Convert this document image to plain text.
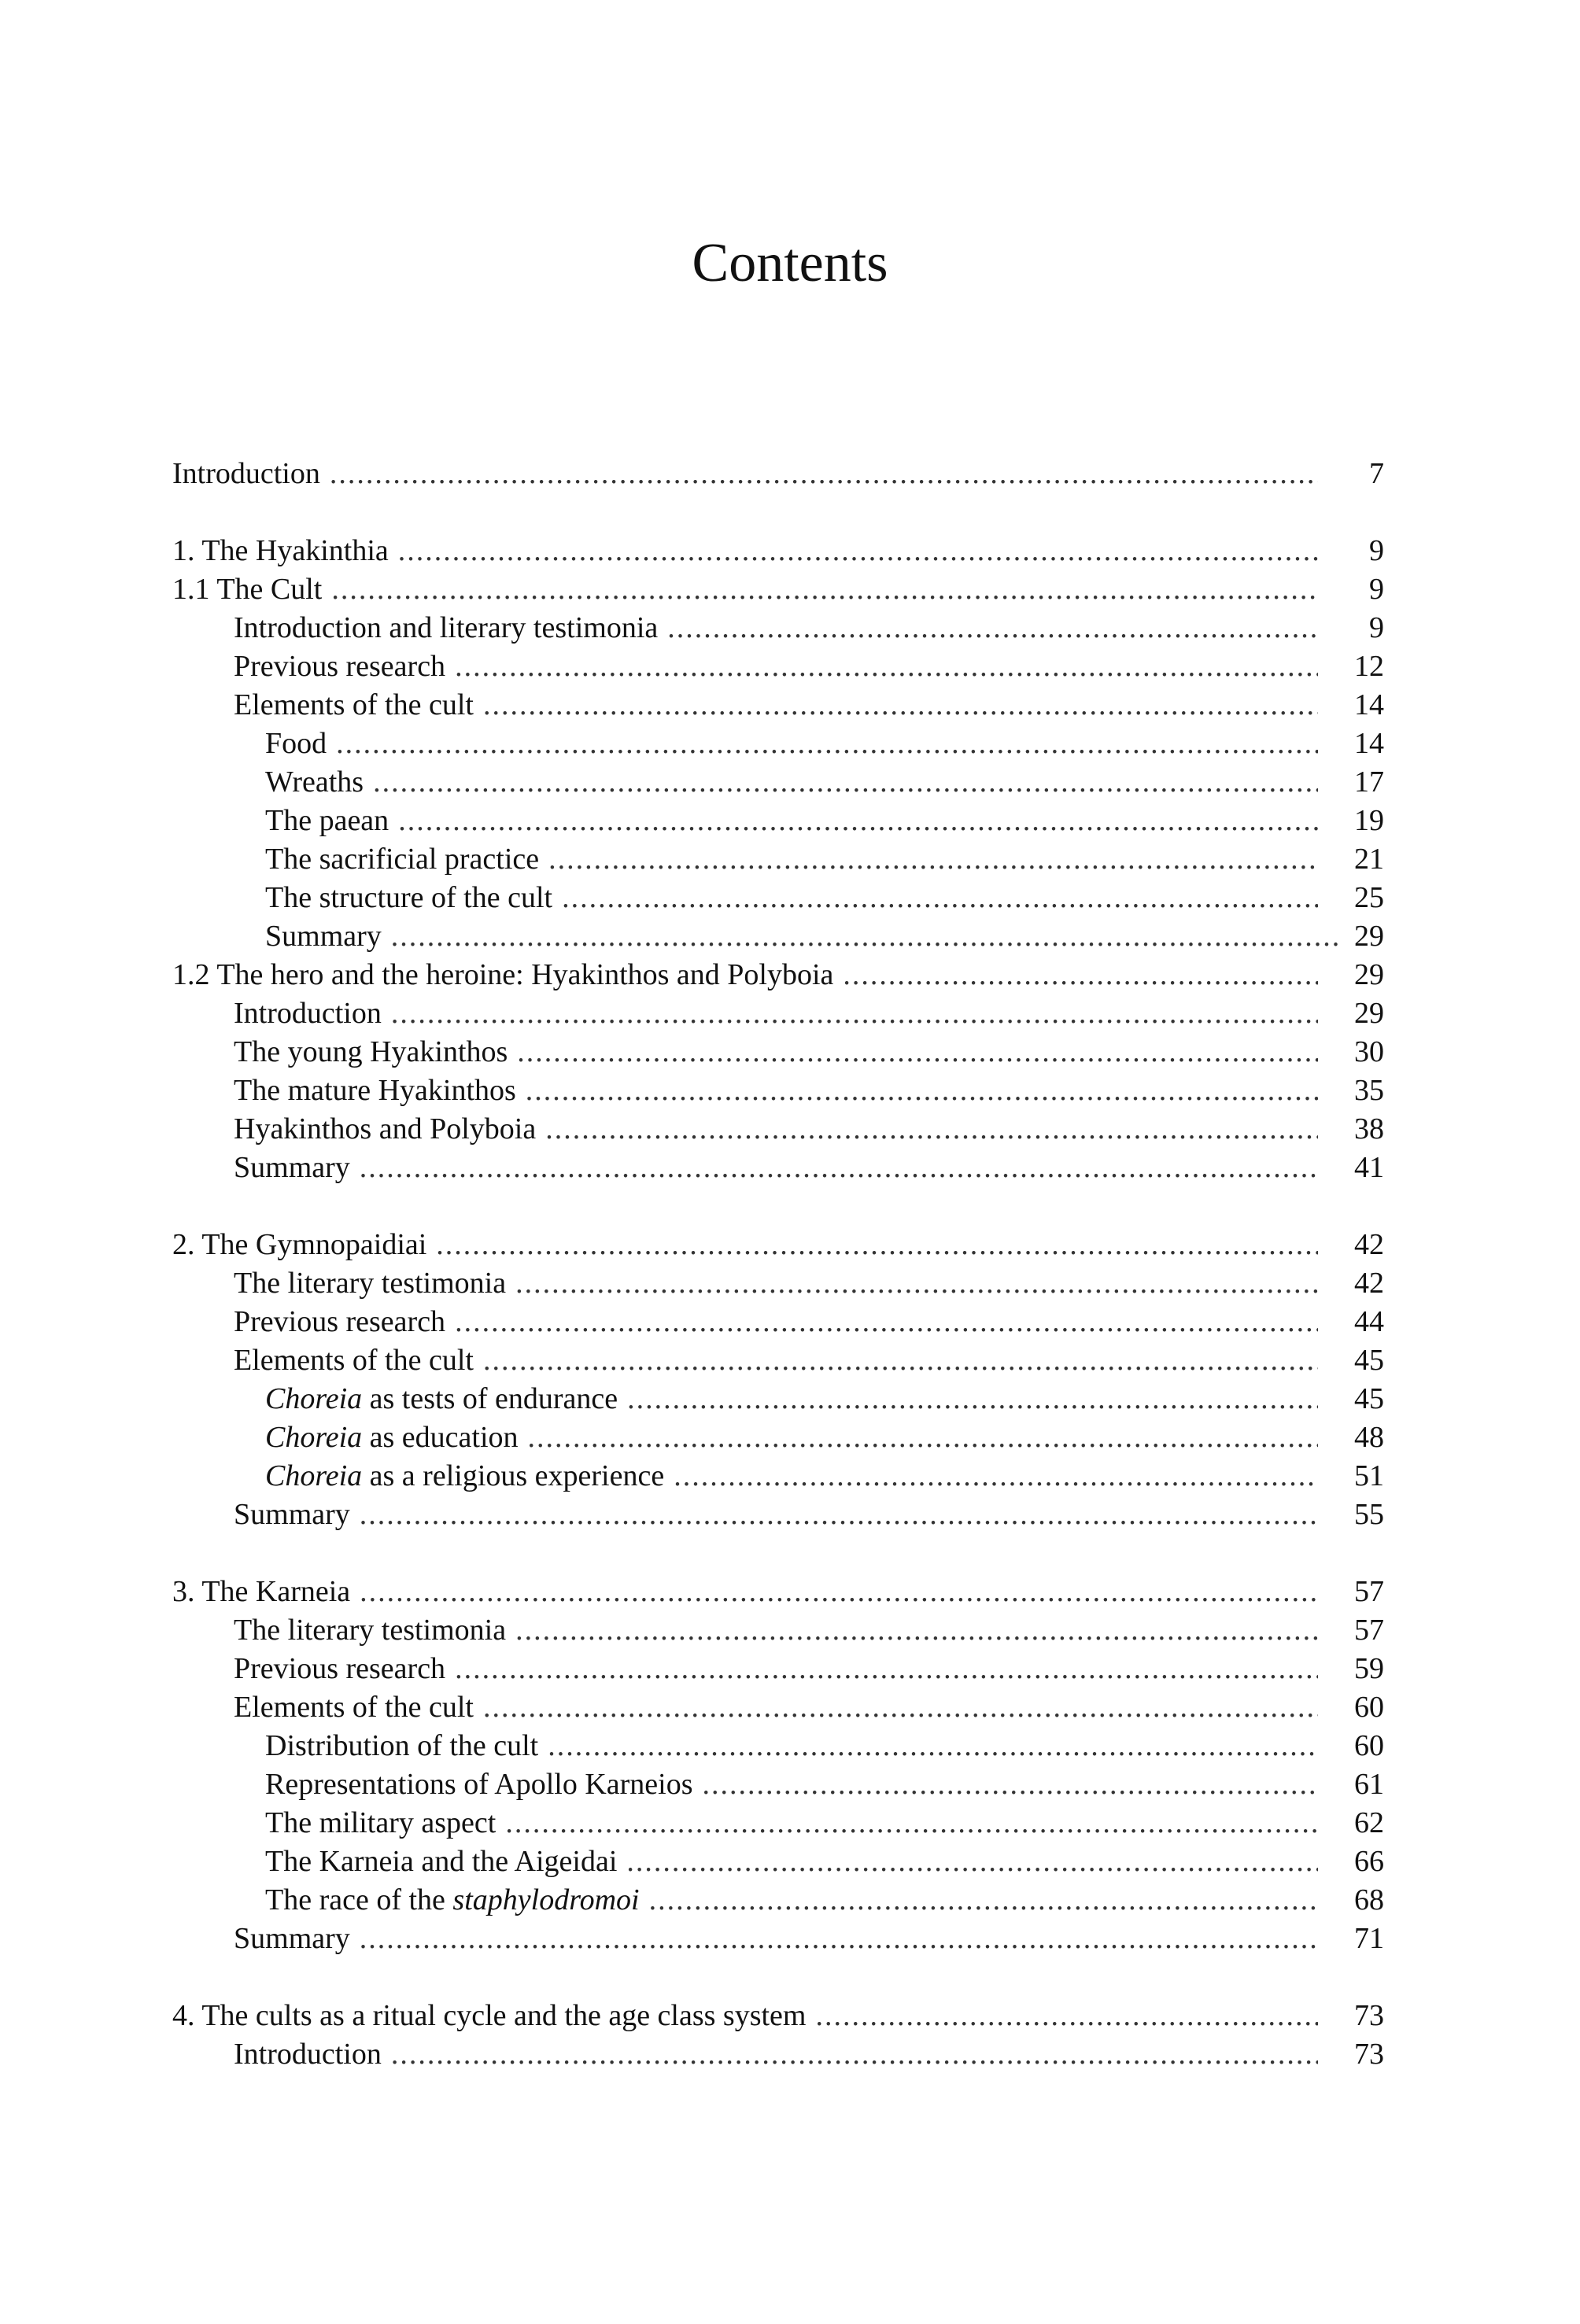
Contents
Introduction .....	7
1. The Hyakinthia .....	9
1.1 The Cult .....	9
Introduction and literary testimonia .....	9
Previous research .....	12
Elements of the cult .....	14
Food .....	14
Wreaths .....	17
The paean .....	19
The sacrificial practice .....	21
The structure of the cult .....	25
Summary .....	29
1.2 The hero and the heroine: Hyakinthos and Polyboia .....	29
Introduction .....	29
The young Hyakinthos .....	30
The mature Hyakinthos .....	35
Hyakinthos and Polyboia .....	38
Summary .....	41
2. The Gymnopaidiai .....	42
The literary testimonia .....	42
Previous research .....	44
Elements of the cult .....	45
Choreia as tests of endurance .....	45
Choreia as education .....	48
Choreia as a religious experience .....	51
Summary .....	55
3. The Karneia .....	57
The literary testimonia .....	57
Previous research .....	59
Elements of the cult .....	60
Distribution of the cult .....	60
Representations of Apollo Karneios .....	61
The military aspect .....	62
The Karneia and the Aigeidai .....	66
The race of the staphylodromoi .....	68
Summary .....	71
4. The cults as a ritual cycle and the age class system .....	73
Introduction .....	73
